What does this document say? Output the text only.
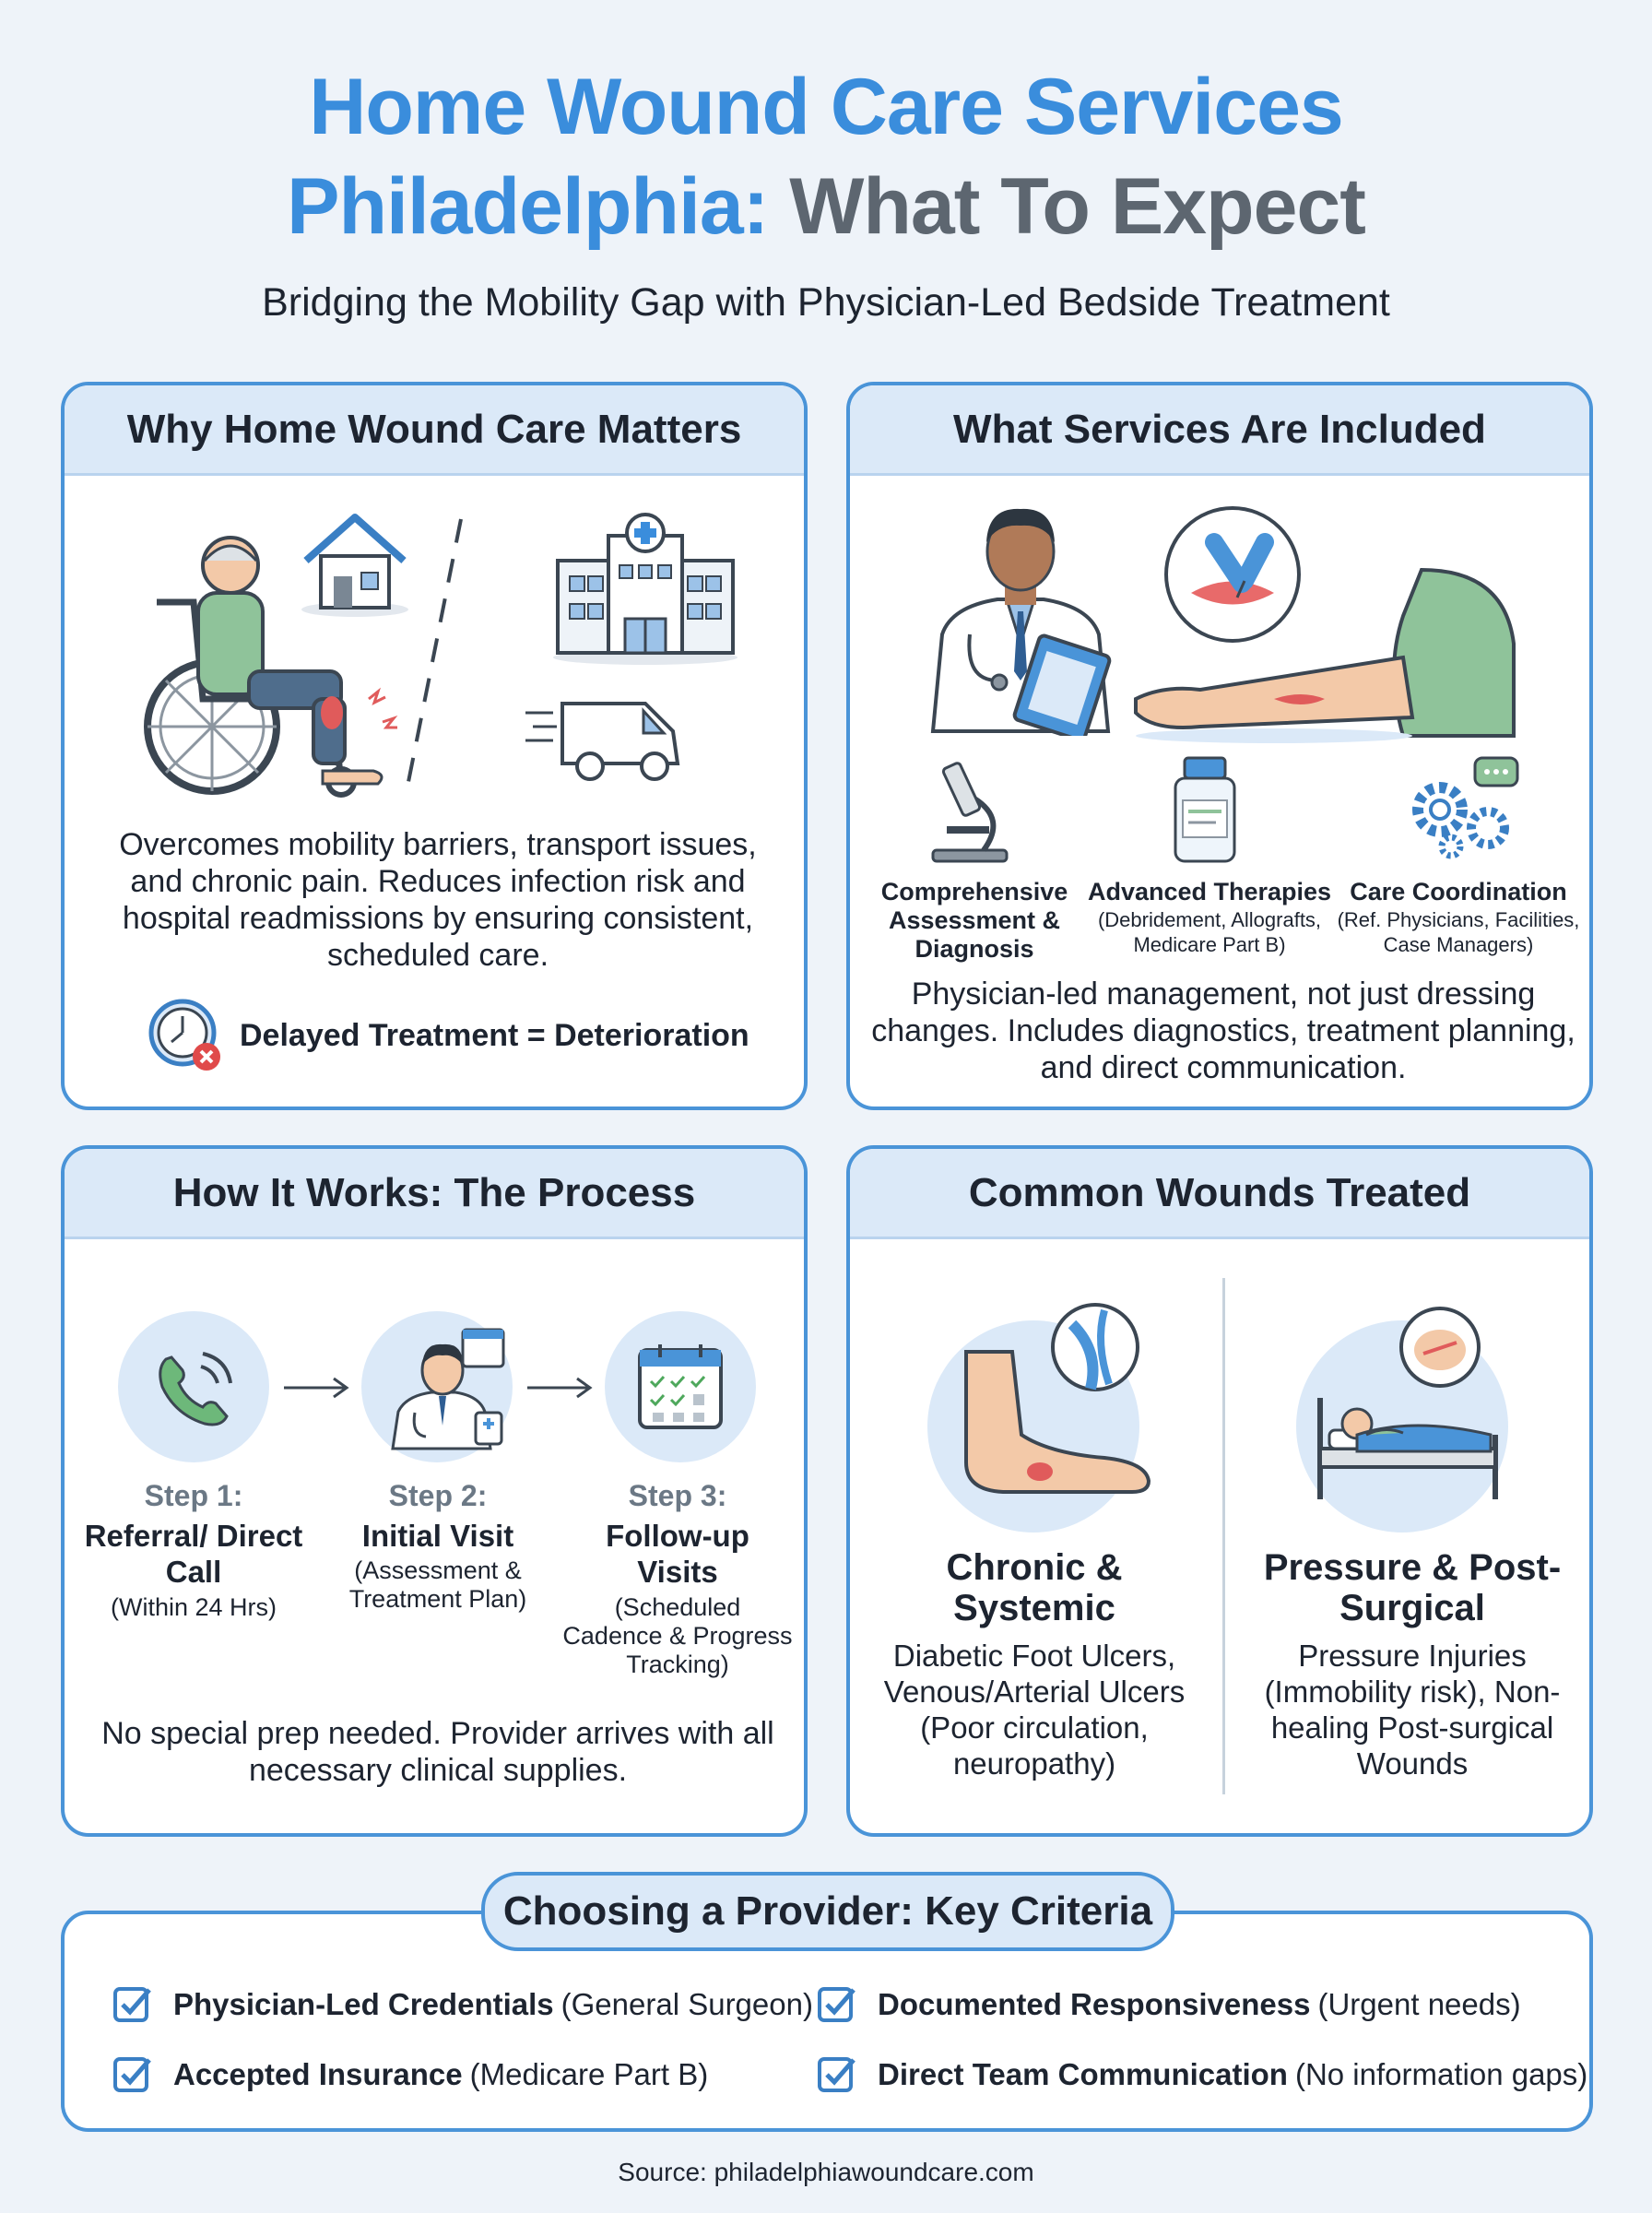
Home Wound Care Services
Philadelphia: What To Expect
Bridging the Mobility Gap with Physician-Led Bedside Treatment
Why Home Wound Care Matters
Overcomes mobility barriers, transport issues, and chronic pain. Reduces infection risk and hospital readmissions by ensuring consistent, scheduled care.
Delayed Treatment = Deterioration
What Services Are Included
Comprehensive Assessment & Diagnosis
Advanced Therapies
(Debridement, Allografts, Medicare Part B)
Care Coordination
(Ref. Physicians, Facilities, Case Managers)
Physician-led management, not just dressing changes. Includes diagnostics, treatment planning, and direct communication.
How It Works: The Process
Step 1:
Referral/ Direct Call
(Within 24 Hrs)
Step 2:
Initial Visit
(Assessment & Treatment Plan)
Step 3:
Follow-up Visits
(Scheduled Cadence & Progress Tracking)
No special prep needed. Provider arrives with all necessary clinical supplies.
Common Wounds Treated
Chronic & Systemic
Diabetic Foot Ulcers, Venous/Arterial Ulcers (Poor circulation, neuropathy)
Pressure & Post-Surgical
Pressure Injuries (Immobility risk), Non-healing Post-surgical Wounds
Choosing a Provider: Key Criteria
Physician-Led Credentials (General Surgeon) Documented Responsiveness (Urgent needs)
Accepted Insurance (Medicare Part B)	Direct Team Communication (No information gaps)
Source: philadelphiawoundcare.com
